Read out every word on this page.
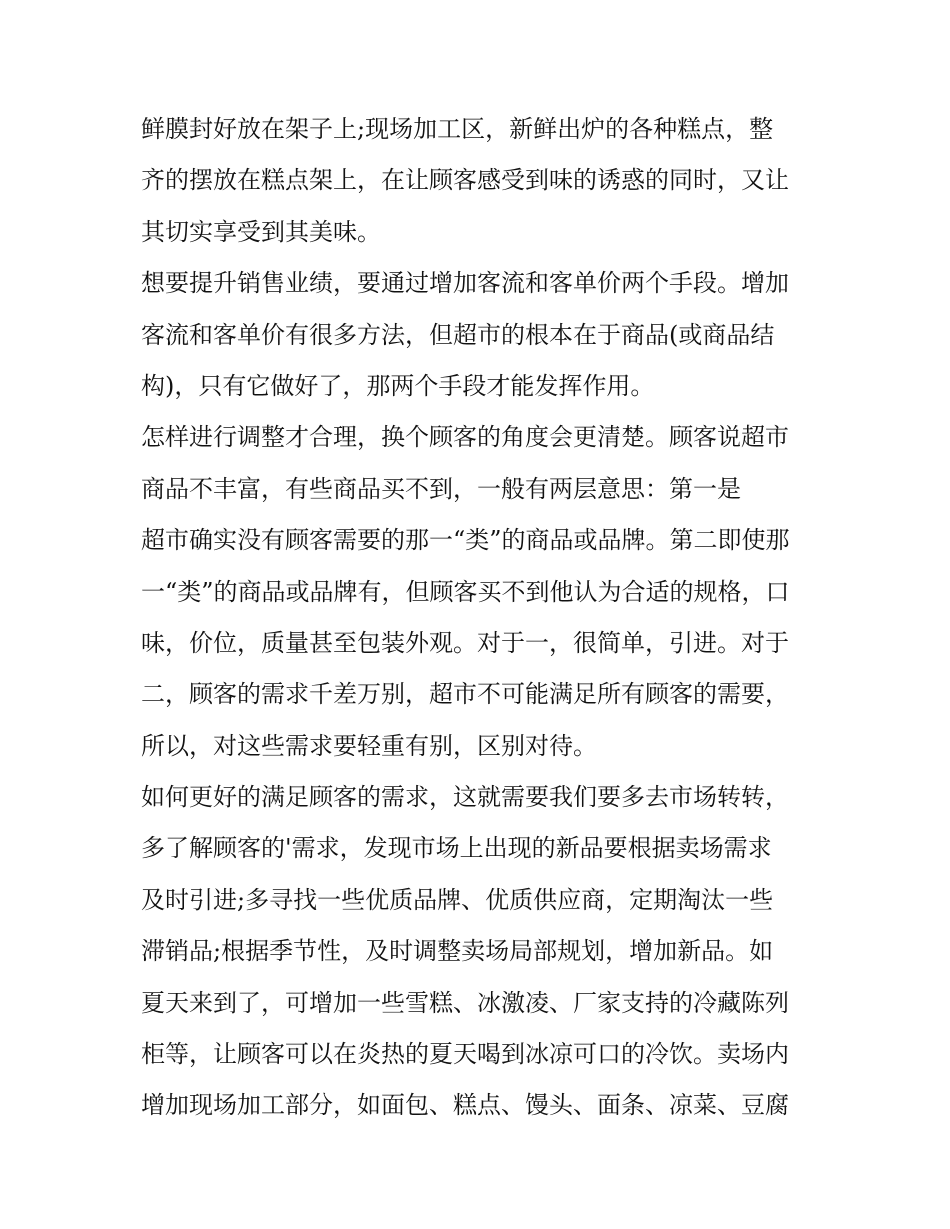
鲜膜封好放在架子上;现场加工区，新鲜出炉的各种糕点，整
齐的摆放在糕点架上，在让顾客感受到味的诱惑的同时，又让
其切实享受到其美味。
想要提升销售业绩，要通过增加客流和客单价两个手段。增加
客流和客单价有很多方法，但超市的根本在于商品(或商品结
构)，只有它做好了，那两个手段才能发挥作用。
怎样进行调整才合理，换个顾客的角度会更清楚。顾客说超市
商品不丰富，有些商品买不到，一般有两层意思：第一是
超市确实没有顾客需要的那一“类”的商品或品牌。第二即使那
一“类”的商品或品牌有，但顾客买不到他认为合适的规格，口
味，价位，质量甚至包装外观。对于一，很简单，引进。对于
二，顾客的需求千差万别，超市不可能满足所有顾客的需要，
所以，对这些需求要轻重有别，区别对待。
如何更好的满足顾客的需求，这就需要我们要多去市场转转，
多了解顾客的'需求，发现市场上出现的新品要根据卖场需求
及时引进;多寻找一些优质品牌、优质供应商，定期淘汰一些
滞销品;根据季节性，及时调整卖场局部规划，增加新品。如
夏天来到了，可增加一些雪糕、冰激凌、厂家支持的冷藏陈列
柜等，让顾客可以在炎热的夏天喝到冰凉可口的冷饮。卖场内
增加现场加工部分，如面包、糕点、馒头、面条、凉菜、豆腐
